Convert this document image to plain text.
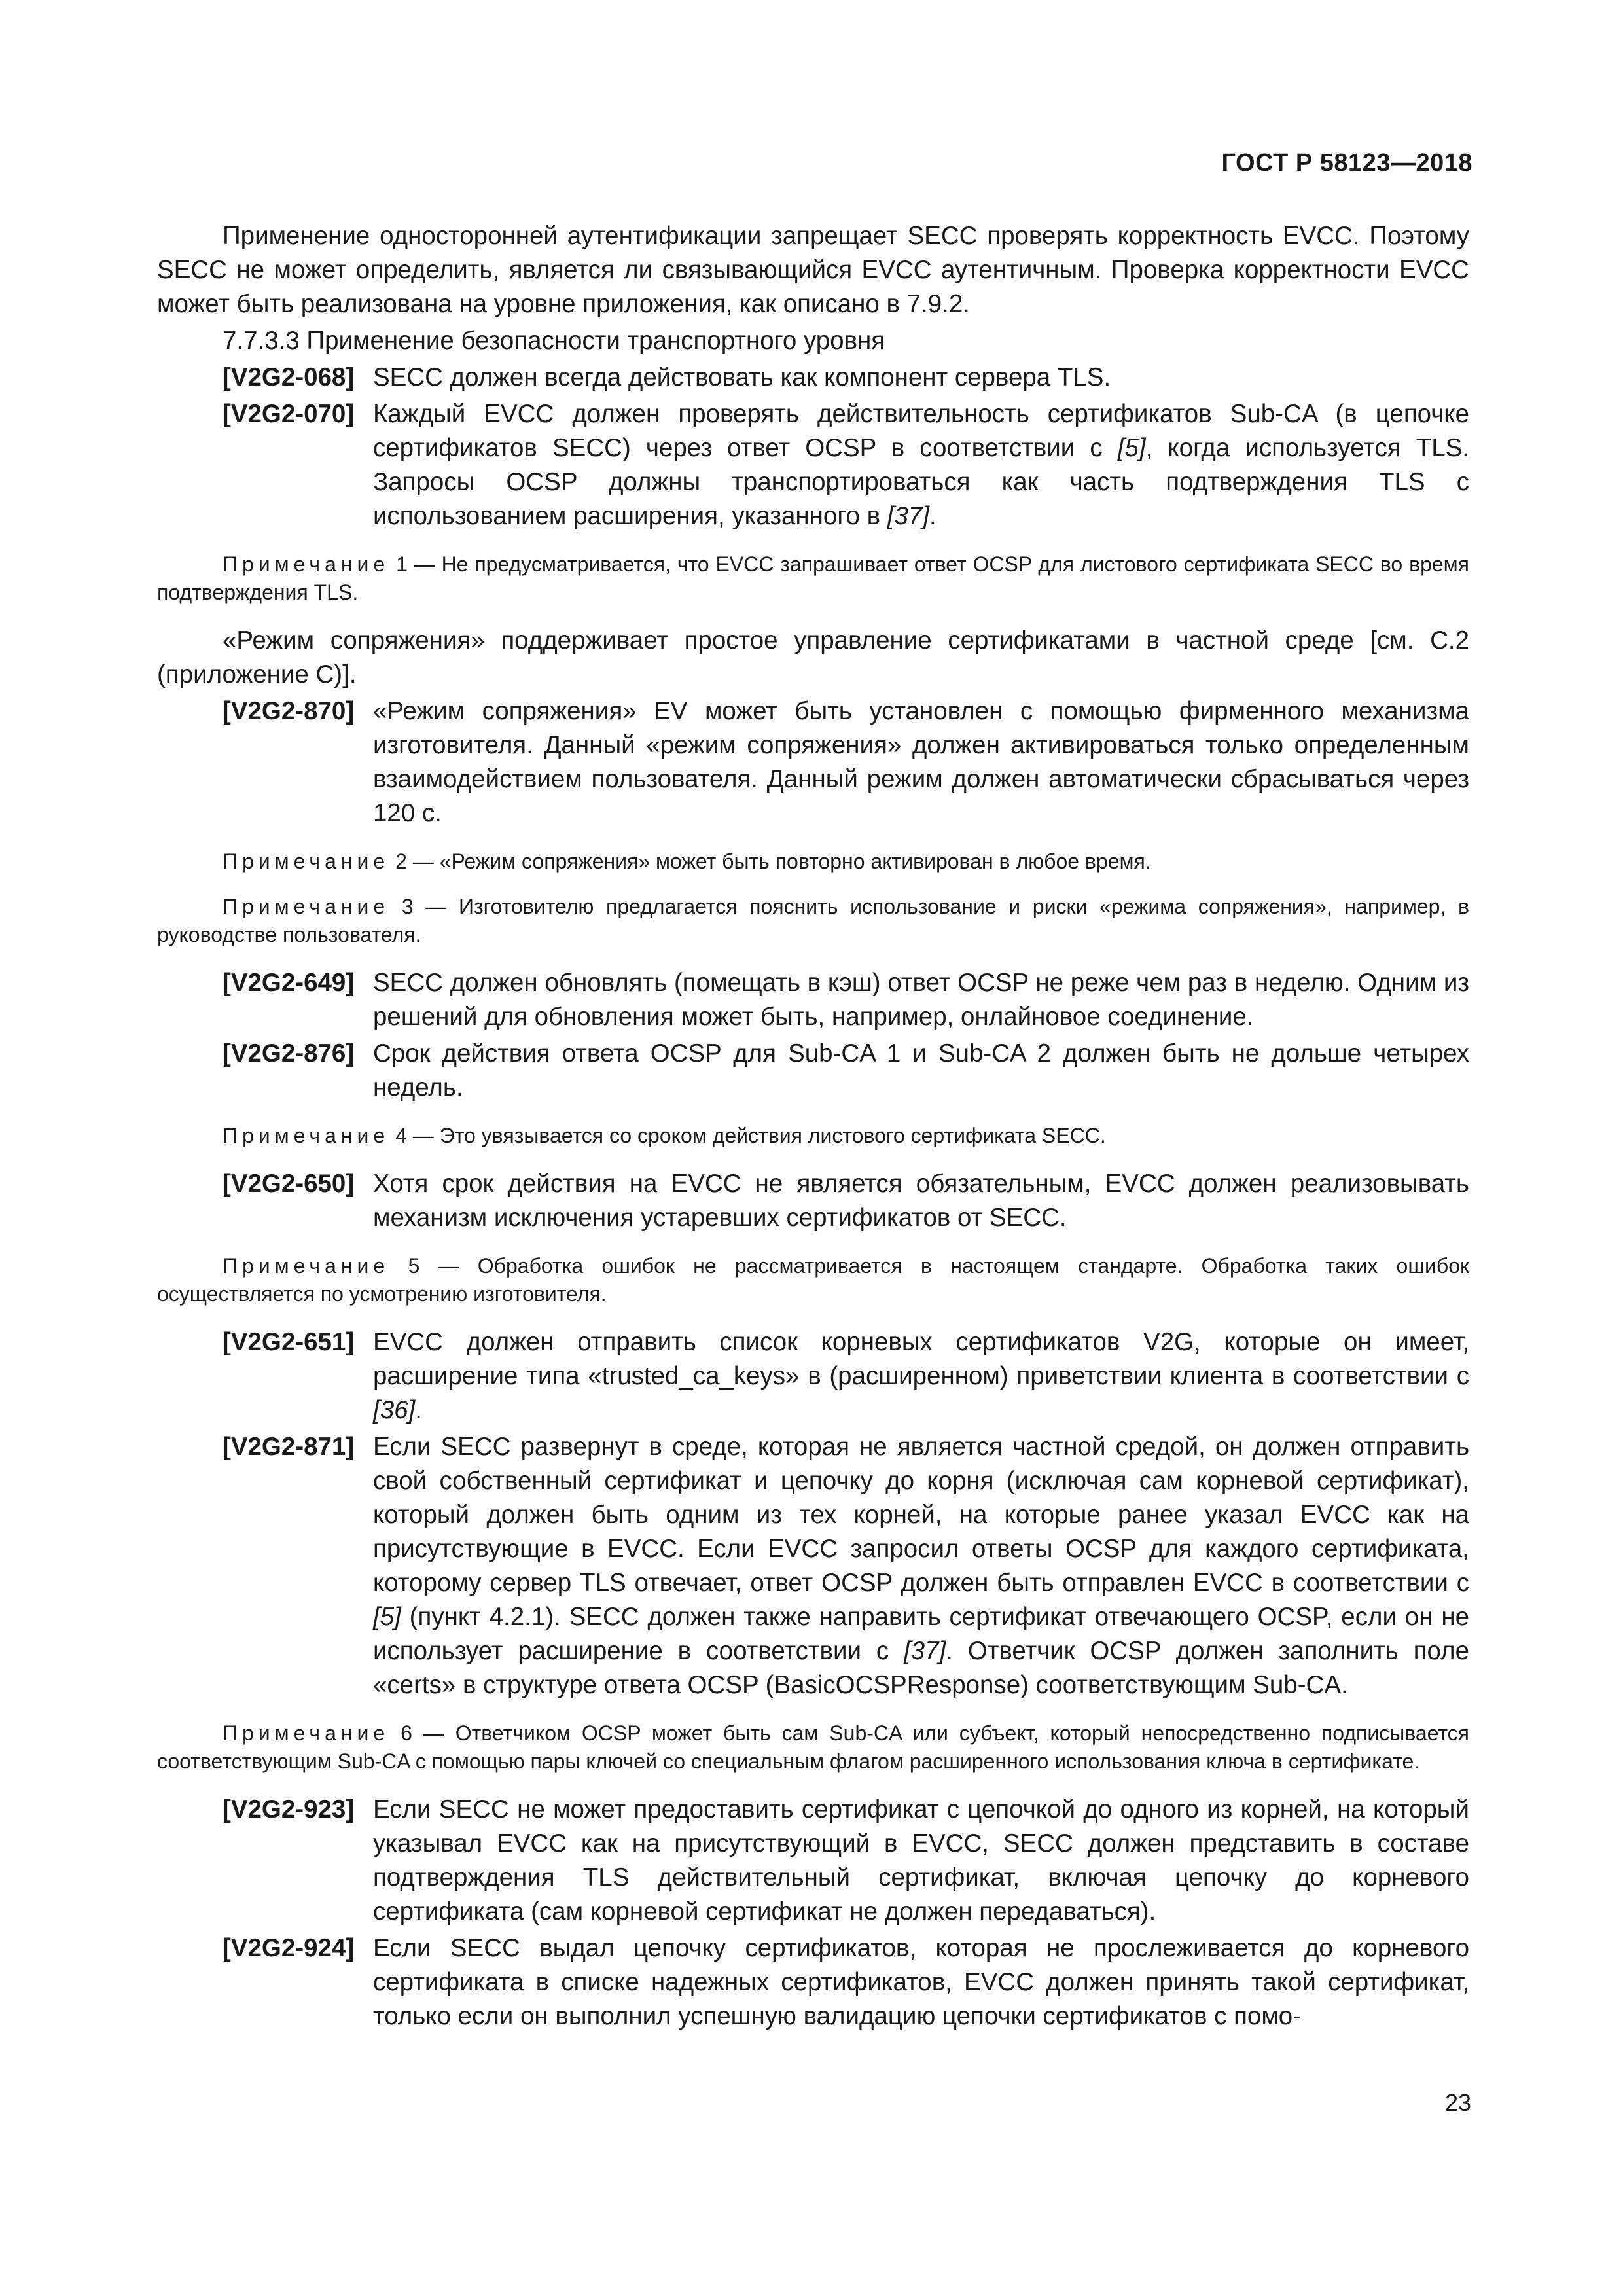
ГОСТ Р 58123—2018

Применение односторонней аутентификации запрещает SECC проверять корректность EVCC. Поэтому SECC не может определить, является ли связывающийся EVCC аутентичным. Проверка корректности EVCC может быть реализована на уровне приложения, как описано в 7.9.2.

7.7.3.3 Применение безопасности транспортного уровня

[V2G2-068] SECC должен всегда действовать как компонент сервера TLS.
[V2G2-070] Каждый EVCC должен проверять действительность сертификатов Sub-CA (в цепочке сертификатов SECC) через ответ OCSP в соответствии с [5], когда используется TLS. Запросы OCSP должны транспортироваться как часть подтверждения TLS с использованием расширения, указанного в [37].

Примечание 1 — Не предусматривается, что EVCC запрашивает ответ OCSP для листового сертификата SECC во время подтверждения TLS.

«Режим сопряжения» поддерживает простое управление сертификатами в частной среде [см. С.2 (приложение С)].

[V2G2-870] «Режим сопряжения» EV может быть установлен с помощью фирменного механизма изготовителя. Данный «режим сопряжения» должен активироваться только определенным взаимодействием пользователя. Данный режим должен автоматически сбрасываться через 120 с.

Примечание 2 — «Режим сопряжения» может быть повторно активирован в любое время.

Примечание 3 — Изготовителю предлагается пояснить использование и риски «режима сопряжения», например, в руководстве пользователя.

[V2G2-649] SECC должен обновлять (помещать в кэш) ответ OCSP не реже чем раз в неделю. Одним из решений для обновления может быть, например, онлайновое соединение.
[V2G2-876] Срок действия ответа OCSP для Sub-CA 1 и Sub-CA 2 должен быть не дольше четырех недель.

Примечание 4 — Это увязывается со сроком действия листового сертификата SECC.

[V2G2-650] Хотя срок действия на EVCC не является обязательным, EVCC должен реализовывать механизм исключения устаревших сертификатов от SECC.

Примечание 5 — Обработка ошибок не рассматривается в настоящем стандарте. Обработка таких ошибок осуществляется по усмотрению изготовителя.

[V2G2-651] EVCC должен отправить список корневых сертификатов V2G, которые он имеет, расширение типа «trusted_ca_keys» в (расширенном) приветствии клиента в соответствии с [36].
[V2G2-871] Если SECC развернут в среде, которая не является частной средой, он должен отправить свой собственный сертификат и цепочку до корня (исключая сам корневой сертификат), который должен быть одним из тех корней, на которые ранее указал EVCC как на присутствующие в EVCC. Если EVCC запросил ответы OCSP для каждого сертификата, которому сервер TLS отвечает, ответ OCSP должен быть отправлен EVCC в соответствии с [5] (пункт 4.2.1). SECC должен также направить сертификат отвечающего OCSP, если он не использует расширение в соответствии с [37]. Ответчик OCSP должен заполнить поле «certs» в структуре ответа OCSP (BasicOCSPResponse) соответствующим Sub-CA.

Примечание 6 — Ответчиком OCSP может быть сам Sub-CA или субъект, который непосредственно подписывается соответствующим Sub-CA с помощью пары ключей со специальным флагом расширенного использования ключа в сертификате.

[V2G2-923] Если SECC не может предоставить сертификат с цепочкой до одного из корней, на который указывал EVCC как на присутствующий в EVCC, SECC должен представить в составе подтверждения TLS действительный сертификат, включая цепочку до корневого сертификата (сам корневой сертификат не должен передаваться).
[V2G2-924] Если SECC выдал цепочку сертификатов, которая не прослеживается до корневого сертификата в списке надежных сертификатов, EVCC должен принять такой сертификат, только если он выполнил успешную валидацию цепочки сертификатов с помо-
23
